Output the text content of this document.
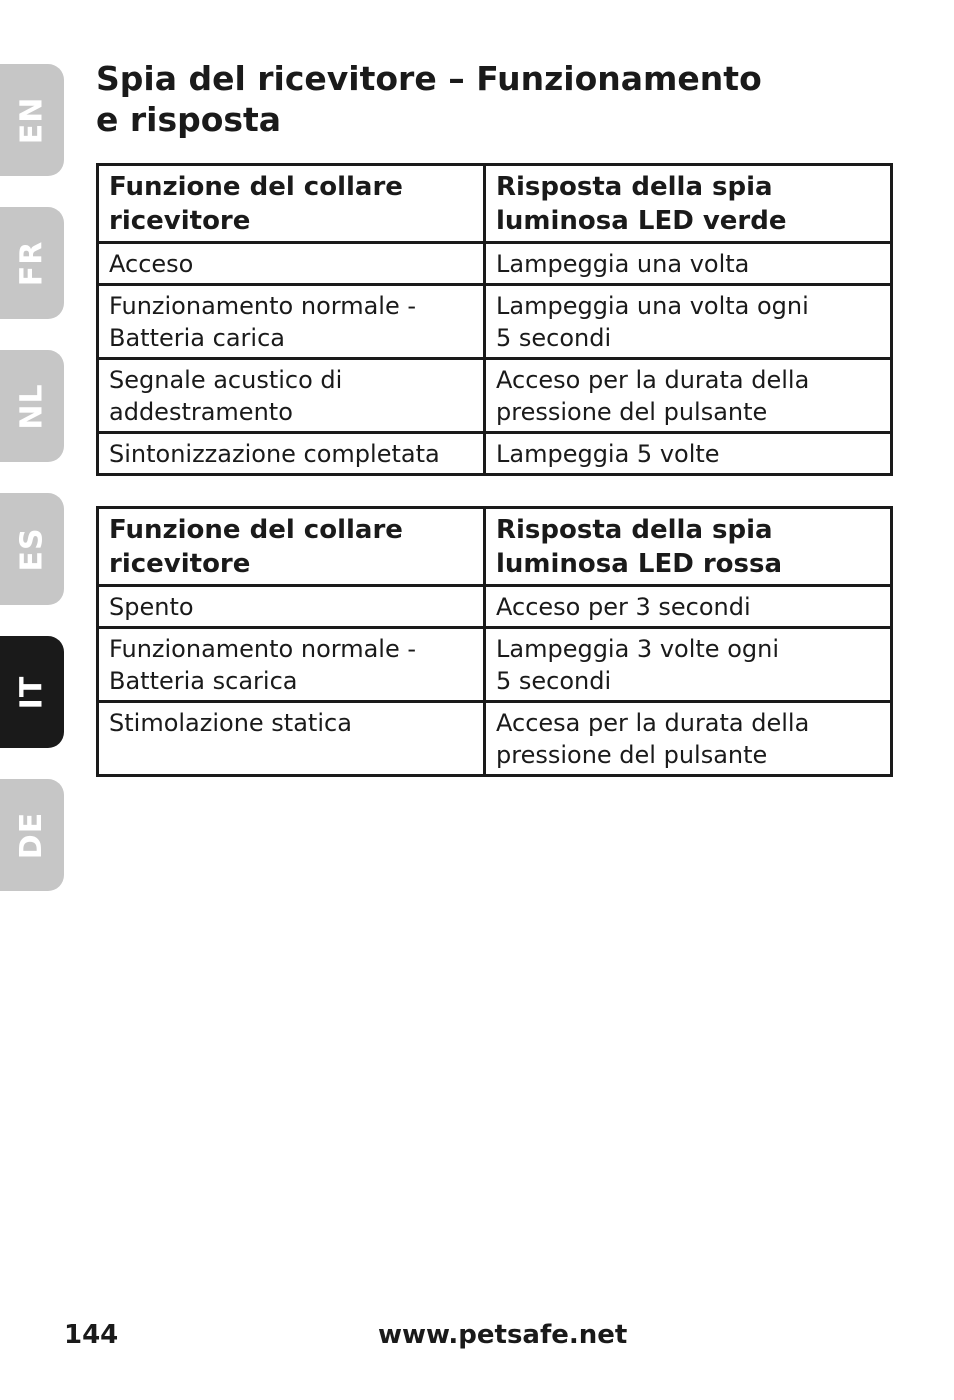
EN
FR
NL
ES
IT
DE
Spia del ricevitore – Funzionamento
e risposta
Funzione del collare
ricevitore	Risposta della spia
luminosa LED verde

Acceso	Lampeggia una volta

Funzionamento normale -
Batteria carica	Lampeggia una volta ogni
5 secondi

Segnale acustico di
addestramento	Acceso per la durata della
pressione del pulsante

Sintonizzazione completata	Lampeggia 5 volte
Funzione del collare
ricevitore	Risposta della spia
luminosa LED rossa

Spento	Acceso per 3 secondi

Funzionamento normale -
Batteria scarica	Lampeggia 3 volte ogni
5 secondi

Stimolazione statica	Accesa per la durata della
pressione del pulsante
144	www.petsafe.net
